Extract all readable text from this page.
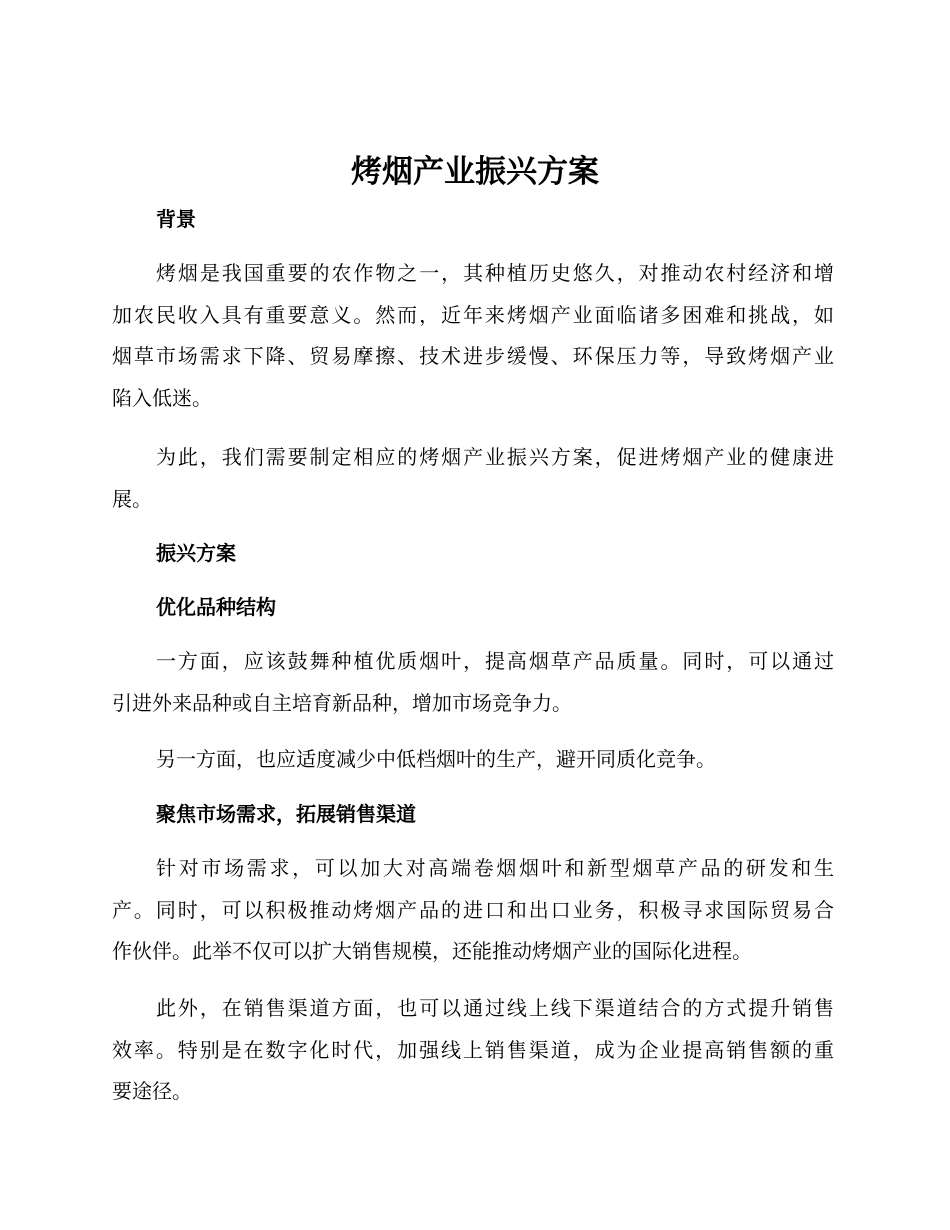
烤烟产业振兴方案
背景
烤烟是我国重要的农作物之一，其种植历史悠久，对推动农村经济和增
加农民收入具有重要意义。然而，近年来烤烟产业面临诸多困难和挑战，如
烟草市场需求下降、贸易摩擦、技术进步缓慢、环保压力等，导致烤烟产业
陷入低迷。
为此，我们需要制定相应的烤烟产业振兴方案，促进烤烟产业的健康进
展。
振兴方案
优化品种结构
一方面，应该鼓舞种植优质烟叶，提高烟草产品质量。同时，可以通过
引进外来品种或自主培育新品种，增加市场竞争力。
另一方面，也应适度减少中低档烟叶的生产，避开同质化竞争。
聚焦市场需求，拓展销售渠道
针对市场需求，可以加大对高端卷烟烟叶和新型烟草产品的研发和生
产。同时，可以积极推动烤烟产品的进口和出口业务，积极寻求国际贸易合
作伙伴。此举不仅可以扩大销售规模，还能推动烤烟产业的国际化进程。
此外，在销售渠道方面，也可以通过线上线下渠道结合的方式提升销售
效率。特别是在数字化时代，加强线上销售渠道，成为企业提高销售额的重
要途径。
